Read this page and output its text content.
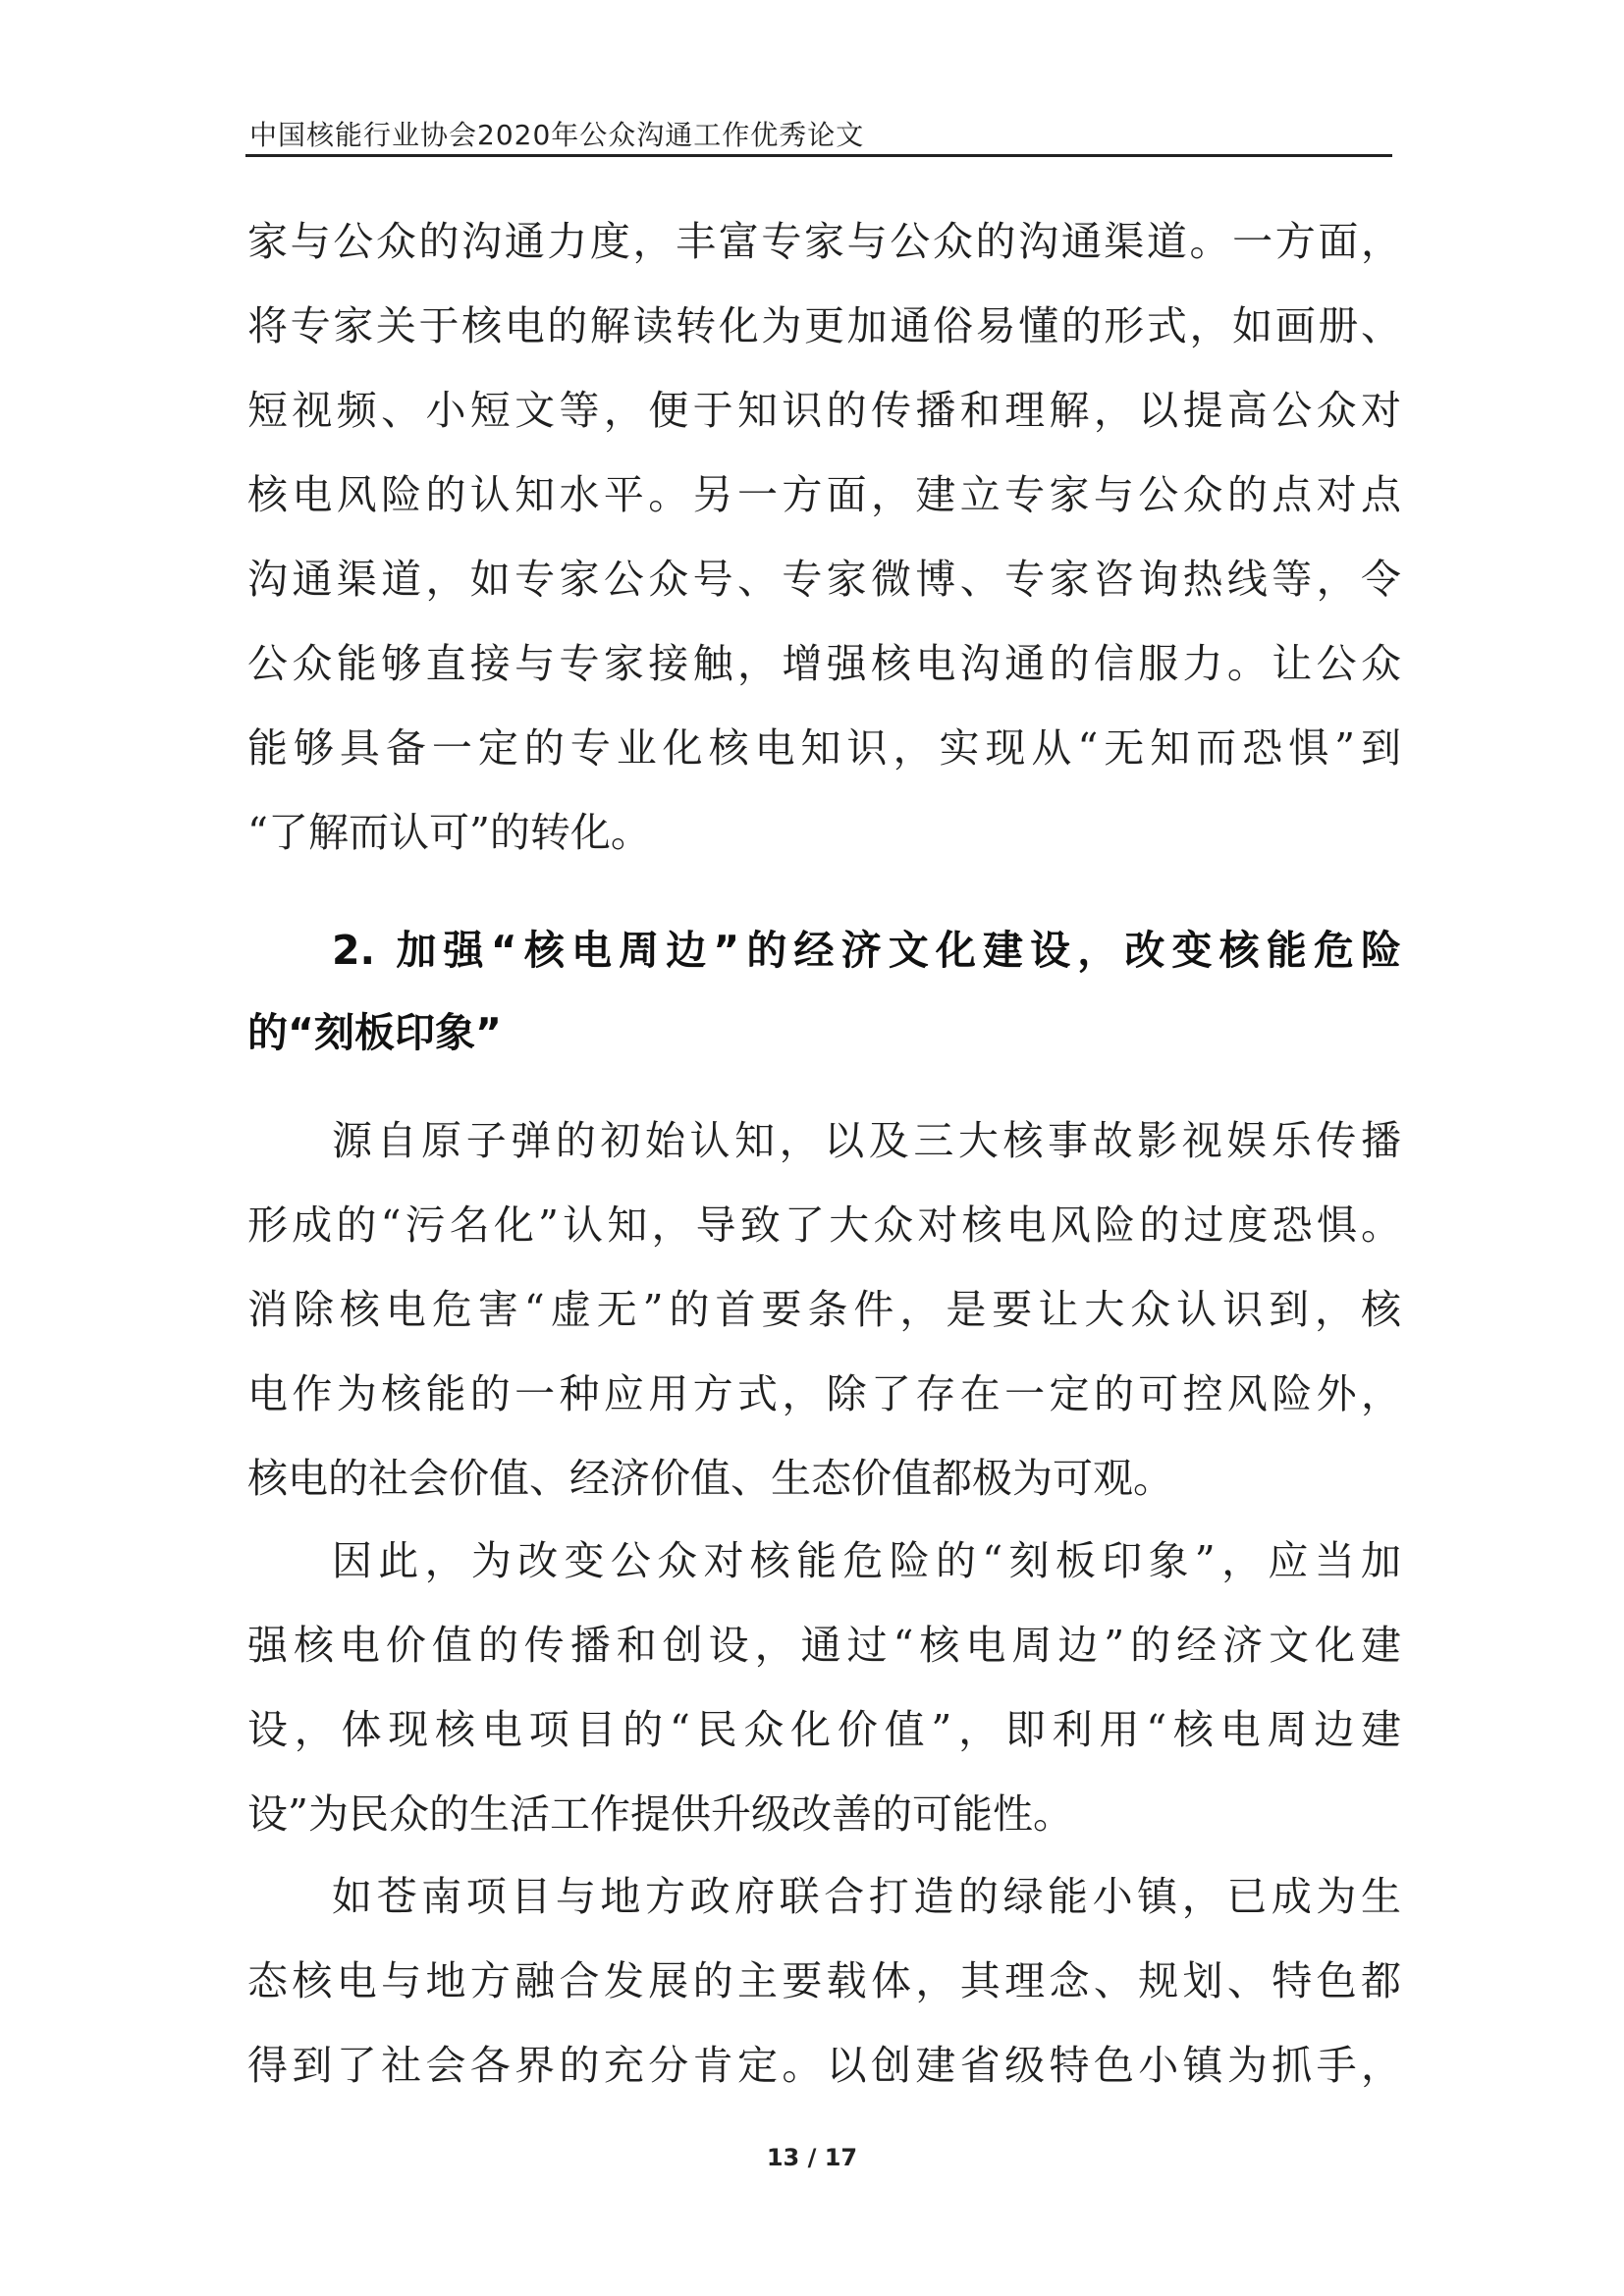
中国核能行业协会2020年公众沟通工作优秀论文
家与公众的沟通力度，丰富专家与公众的沟通渠道。一方面，
将专家关于核电的解读转化为更加通俗易懂的形式，如画册、
短视频、小短文等，便于知识的传播和理解，以提高公众对
核电风险的认知水平。另一方面，建立专家与公众的点对点
沟通渠道，如专家公众号、专家微博、专家咨询热线等，令
公众能够直接与专家接触，增强核电沟通的信服力。让公众
能够具备一定的专业化核电知识，实现从“无知而恐惧”到
“了解而认可”的转化。
2. 加强“核电周边”的经济文化建设，改变核能危险
的“刻板印象”
源自原子弹的初始认知，以及三大核事故影视娱乐传播
形成的“污名化”认知，导致了大众对核电风险的过度恐惧。
消除核电危害“虚无”的首要条件，是要让大众认识到，核
电作为核能的一种应用方式，除了存在一定的可控风险外，
核电的社会价值、经济价值、生态价值都极为可观。
因此，为改变公众对核能危险的“刻板印象”，应当加
强核电价值的传播和创设，通过“核电周边”的经济文化建
设，体现核电项目的“民众化价值”，即利用“核电周边建
设”为民众的生活工作提供升级改善的可能性。
如苍南项目与地方政府联合打造的绿能小镇，已成为生
态核电与地方融合发展的主要载体，其理念、规划、特色都
得到了社会各界的充分肯定。以创建省级特色小镇为抓手，
13 / 17
